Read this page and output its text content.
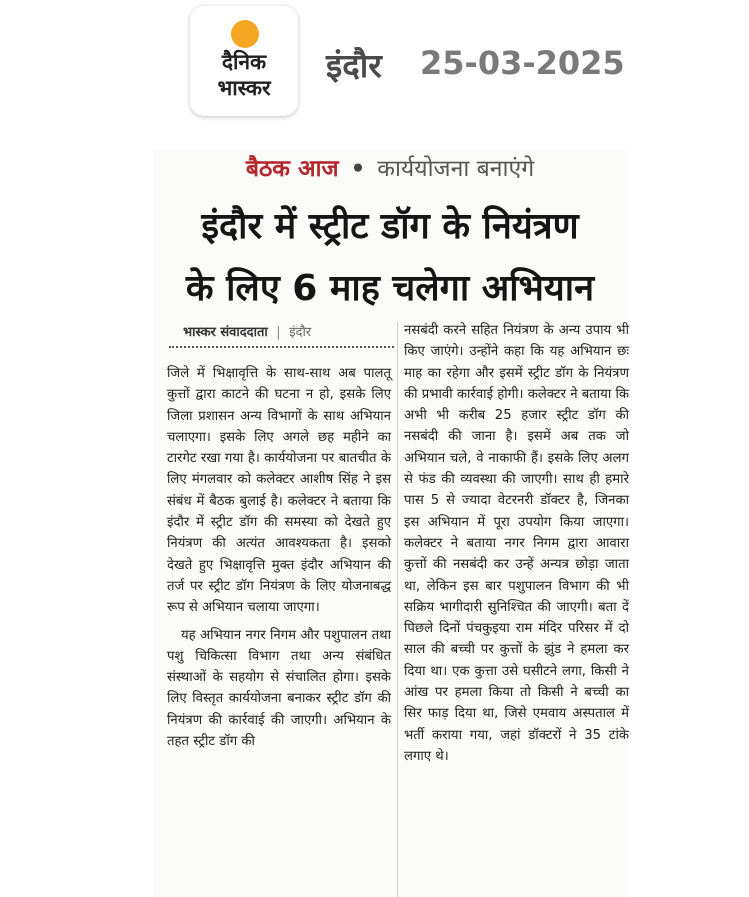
दैनिक
भास्कर
इंदौर 25-03-2025
बैठक आज • कार्ययोजना बनाएंगे
इंदौर में स्ट्रीट डॉग के नियंत्रण
के लिए 6 माह चलेगा अभियान
भास्कर संवाददाता | इंदौर

जिले में भिक्षावृत्ति के साथ-साथ अब पालतू कुत्तों द्वारा काटने की घटना न हो, इसके लिए जिला प्रशासन अन्य विभागों के साथ अभियान चलाएगा। इसके लिए अगले छह महीने का टारगेट रखा गया है। कार्ययोजना पर बातचीत के लिए मंगलवार को कलेक्टर आशीष सिंह ने इस संबंध में बैठक बुलाई है। कलेक्टर ने बताया कि इंदौर में स्ट्रीट डॉग की समस्या को देखते हुए नियंत्रण की अत्यंत आवश्यकता है। इसको देखते हुए भिक्षावृत्ति मुक्त इंदौर अभियान की तर्ज पर स्ट्रीट डॉग नियंत्रण के लिए योजनाबद्ध रूप से अभियान चलाया जाएगा।

यह अभियान नगर निगम और पशुपालन तथा पशु चिकित्सा विभाग तथा अन्य संबंधित संस्थाओं के सहयोग से संचालित होगा। इसके लिए विस्तृत कार्ययोजना बनाकर स्ट्रीट डॉग की नियंत्रण की कार्रवाई की जाएगी। अभियान के तहत स्ट्रीट डॉग की

नसबंदी करने सहित नियंत्रण के अन्य उपाय भी किए जाएंगे। उन्होंने कहा कि यह अभियान छः माह का रहेगा और इसमें स्ट्रीट डॉग के नियंत्रण की प्रभावी कार्रवाई होगी। कलेक्टर ने बताया कि अभी भी करीब 25 हजार स्ट्रीट डॉग की नसबंदी की जाना है। इसमें अब तक जो अभियान चले, वे नाकाफी हैं। इसके लिए अलग से फंड की व्यवस्था की जाएगी। साथ ही हमारे पास 5 से ज्यादा वेटरनरी डॉक्टर है, जिनका इस अभियान में पूरा उपयोग किया जाएगा। कलेक्टर ने बताया नगर निगम द्वारा आवारा कुत्तों की नसबंदी कर उन्हें अन्यत्र छोड़ा जाता था, लेकिन इस बार पशुपालन विभाग की भी सक्रिय भागीदारी सुनिश्चित की जाएगी। बता दें पिछले दिनों पंचकुइया राम मंदिर परिसर में दो साल की बच्ची पर कुत्तों के झुंड ने हमला कर दिया था। एक कुत्ता उसे घसीटने लगा, किसी ने आंख पर हमला किया तो किसी ने बच्ची का सिर फाड़ दिया था, जिसे एमवाय अस्पताल में भर्ती कराया गया, जहां डॉक्टरों ने 35 टांके लगाए थे।
